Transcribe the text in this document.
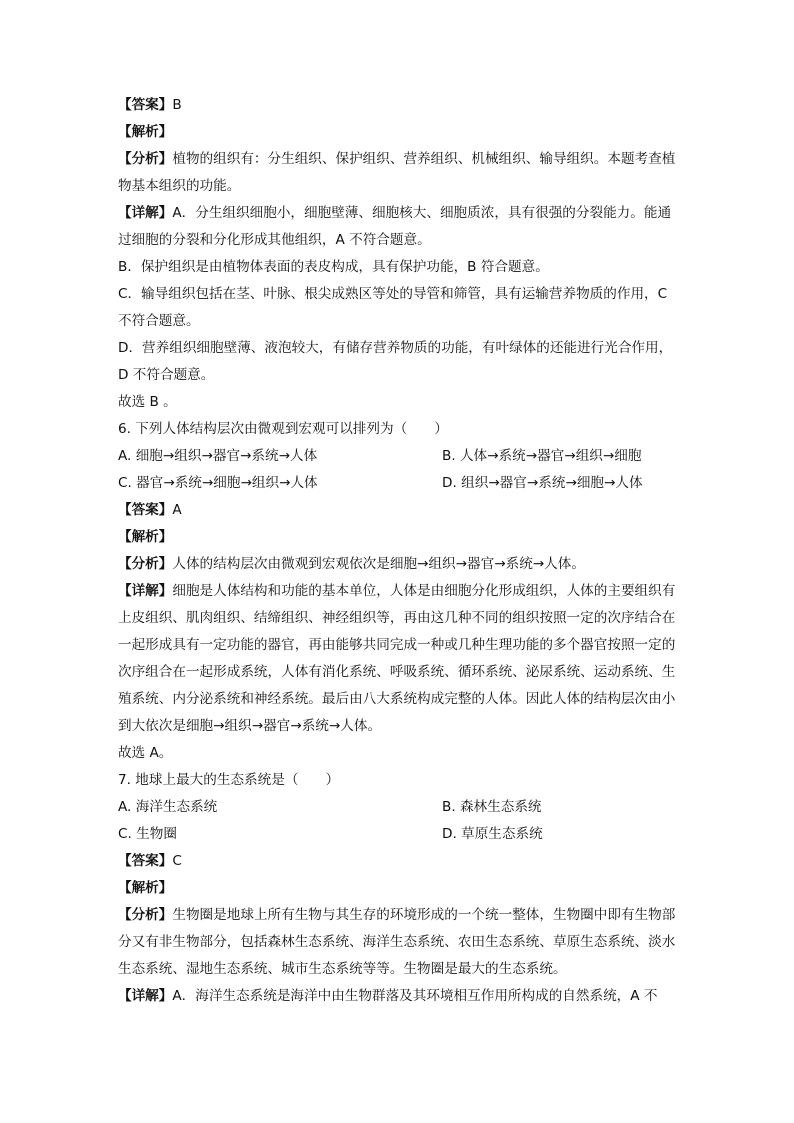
【答案】B

【解析】

【分析】植物的组织有：分生组织、保护组织、营养组织、机械组织、输导组织。本题考查植物基本组织的功能。

【详解】A．分生组织细胞小，细胞壁薄、细胞核大、细胞质浓，具有很强的分裂能力。能通过细胞的分裂和分化形成其他组织，A 不符合题意。

B．保护组织是由植物体表面的表皮构成，具有保护功能，B 符合题意。

C．输导组织包括在茎、叶脉、根尖成熟区等处的导管和筛管，具有运输营养物质的作用，C 不符合题意。

D．营养组织细胞壁薄、液泡较大，有储存营养物质的功能，有叶绿体的还能进行光合作用，D 不符合题意。

故选 B 。

6. 下列人体结构层次由微观到宏观可以排列为（　　）

A. 细胞→组织→器官→系统→人体	B. 人体→系统→器官→组织→细胞
C. 器官→系统→细胞→组织→人体	D. 组织→器官→系统→细胞→人体

【答案】A

【解析】

【分析】人体的结构层次由微观到宏观依次是细胞→组织→器官→系统→人体。

【详解】细胞是人体结构和功能的基本单位，人体是由细胞分化形成组织，人体的主要组织有上皮组织、肌肉组织、结缔组织、神经组织等，再由这几种不同的组织按照一定的次序结合在一起形成具有一定功能的器官，再由能够共同完成一种或几种生理功能的多个器官按照一定的次序组合在一起形成系统，人体有消化系统、呼吸系统、循环系统、泌尿系统、运动系统、生殖系统、内分泌系统和神经系统。最后由八大系统构成完整的人体。因此人体的结构层次由小到大依次是细胞→组织→器官→系统→人体。

故选 A。

7. 地球上最大的生态系统是（　　）

A. 海洋生态系统	B. 森林生态系统
C. 生物圈	D. 草原生态系统

【答案】C

【解析】

【分析】生物圈是地球上所有生物与其生存的环境形成的一个统一整体，生物圈中即有生物部分又有非生物部分，包括森林生态系统、海洋生态系统、农田生态系统、草原生态系统、淡水生态系统、湿地生态系统、城市生态系统等等。生物圈是最大的生态系统。

【详解】A．海洋生态系统是海洋中由生物群落及其环境相互作用所构成的自然系统，A 不
